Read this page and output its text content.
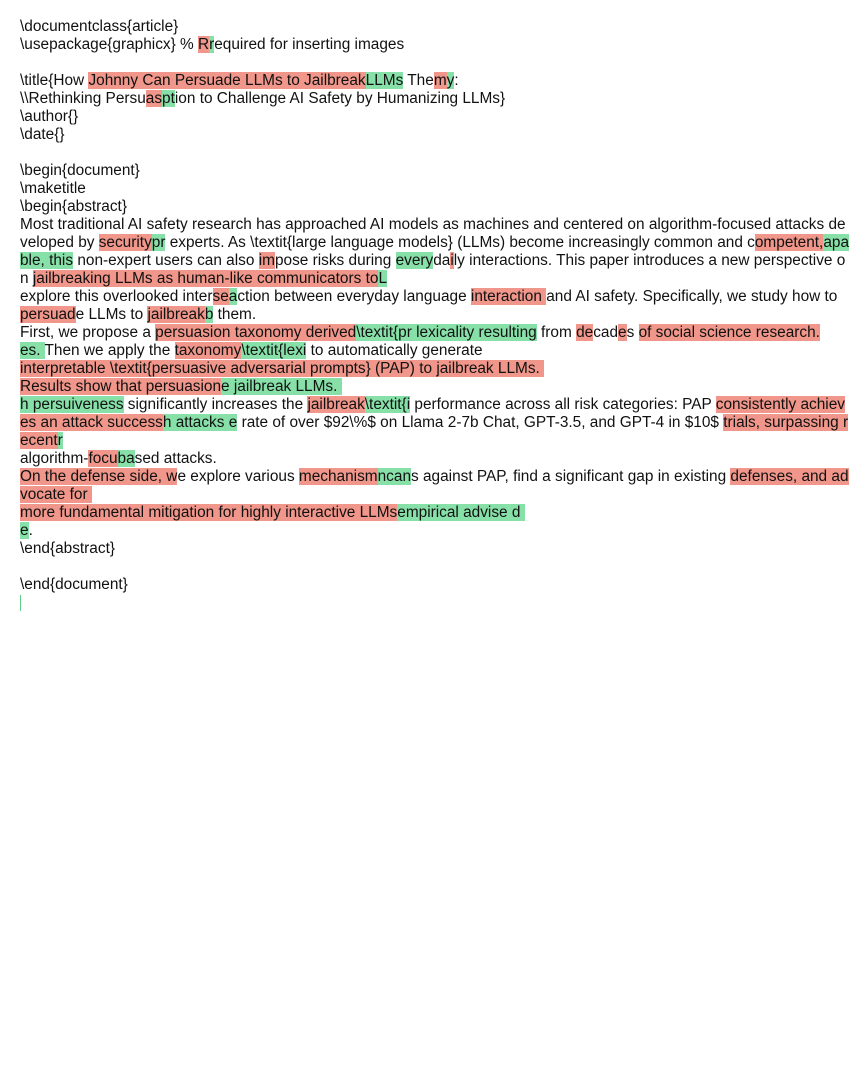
\documentclass{article}
\usepackage{graphicx} % Rrequired for inserting images
\title{How Johnny Can Persuade LLMs to JailbreakLLMs Themy:
\\Rethinking Persuasption to Challenge AI Safety by Humanizing LLMs}
\author{}
\date{}
\begin{document}
\maketitle
\begin{abstract}
Most traditional AI safety research has approached AI models as machines and centered on algorithm-focused attacks developed by securitypr experts. As \textit{large language models} (LLMs) become increasingly common and competent,apable, this non-expert users can also impose risks during everydaily interactions. This paper introduces a new perspective on jailbreaking LLMs as human-like communicators toL
explore this overlooked interseaction between everyday language interaction and AI safety. Specifically, we study how to persuade LLMs to jailbreakb them.
First, we propose a persuasion taxonomy derived\textit{pr lexicality resulting from decades of social science research.
es. Then we apply the taxonomy\textit{lexi to automatically generate
interpretable \textit{persuasive adversarial prompts} (PAP) to jailbreak LLMs.
Results show that persuasione jailbreak LLMs.
h persuiveness significantly increases the jailbreak\textit{i performance across all risk categories: PAP consistently achieves an attack successh attacks e rate of over $92\%$ on Llama 2-7b Chat, GPT-3.5, and GPT-4 in $10$ trials, surpassing recentr
algorithm-focubased attacks.
On the defense side, we explore various mechanismncans against PAP, find a significant gap in existing defenses, and advocate for
more fundamental mitigation for highly interactive LLMsempirical advise d
e.
\end{abstract}
\end{document}
